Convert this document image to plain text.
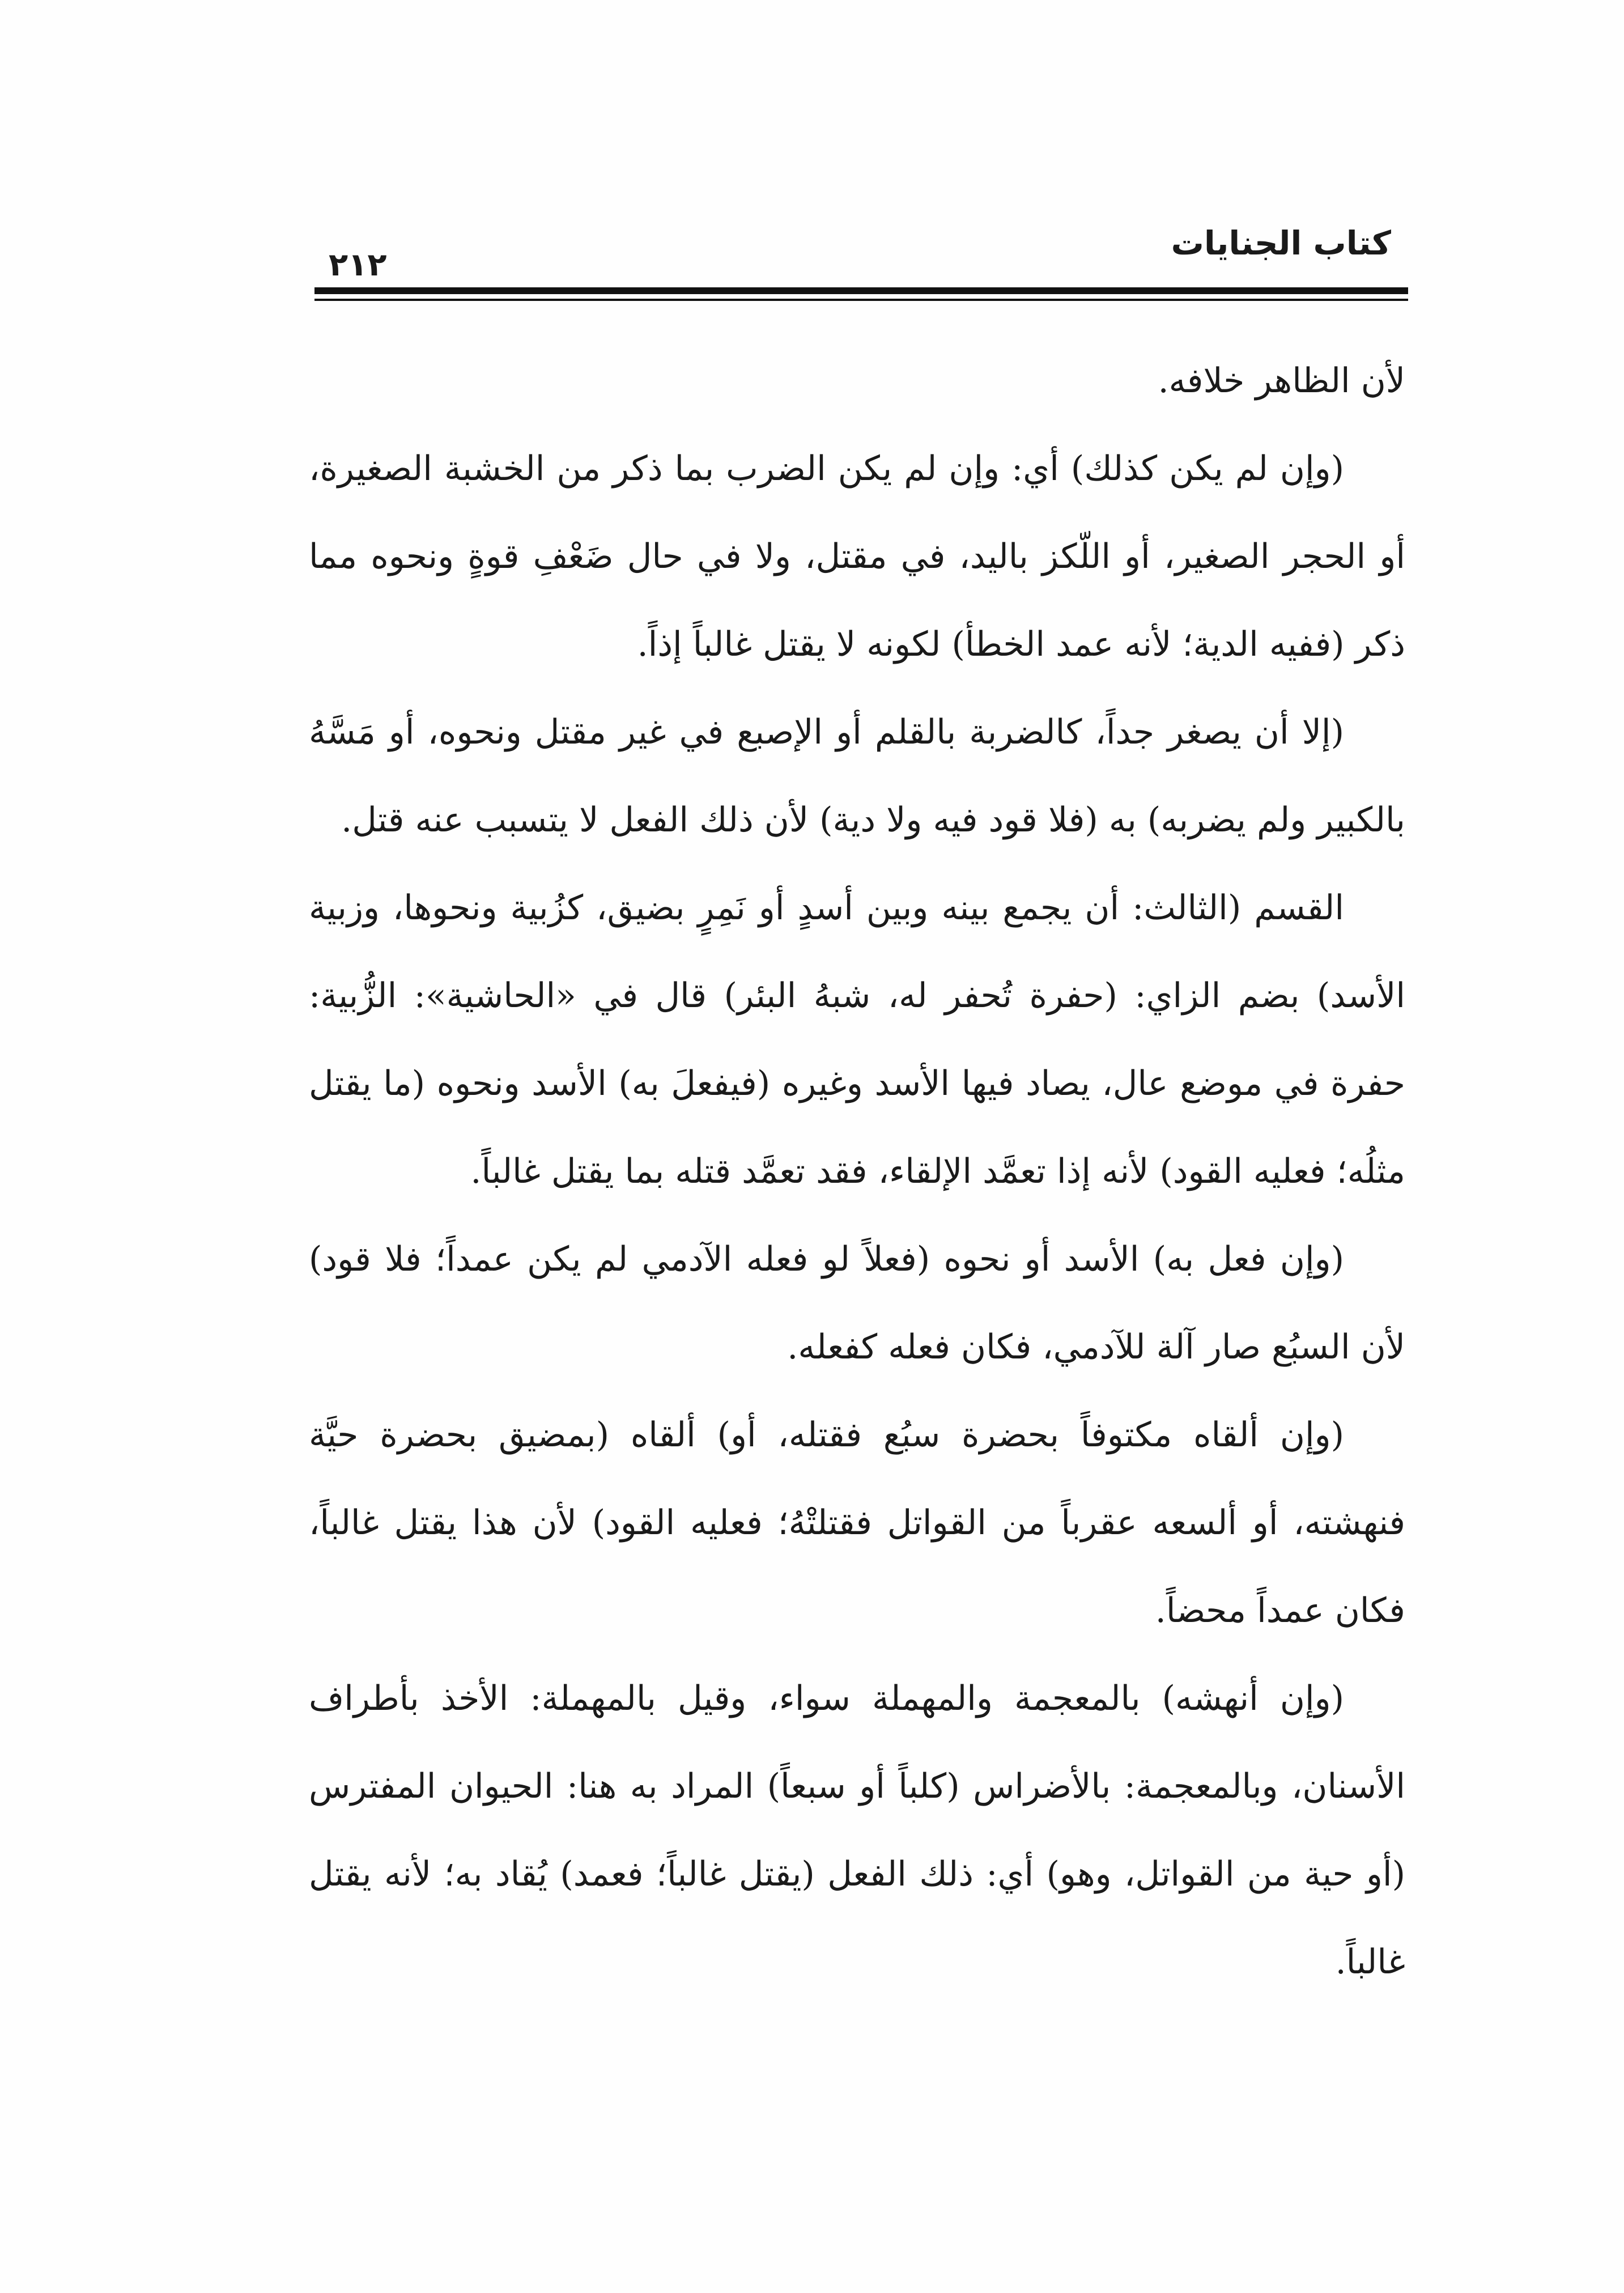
كتاب الجنايات
٢١٢

لأن الظاهر خلافه.

(وإن لم يكن كذلك) أي: وإن لم يكن الضرب بما ذكر من الخشبة الصغيرة، أو الحجر الصغير، أو اللّكز باليد، في مقتل، ولا في حال ضَعْفِ قوةٍ ونحوه مما ذكر (ففيه الدية؛ لأنه عمد الخطأ) لكونه لا يقتل غالباً إذاً.

(إلا أن يصغر جداً، كالضربة بالقلم أو الإصبع في غير مقتل ونحوه، أو مَسَّهُ بالكبير ولم يضربه) به (فلا قود فيه ولا دية) لأن ذلك الفعل لا يتسبب عنه قتل.

القسم (الثالث: أن يجمع بينه وبين أسدٍ أو نَمِرٍ بضيق، كزُبية ونحوها، وزبية الأسد) بضم الزاي: (حفرة تُحفر له، شبهُ البئر) قال في «الحاشية»: الزُّبية: حفرة في موضع عال، يصاد فيها الأسد وغيره (فيفعلَ به) الأسد ونحوه (ما يقتل مثلُه؛ فعليه القود) لأنه إذا تعمَّد الإلقاء، فقد تعمَّد قتله بما يقتل غالباً.

(وإن فعل به) الأسد أو نحوه (فعلاً لو فعله الآدمي لم يكن عمداً؛ فلا قود) لأن السبُع صار آلة للآدمي، فكان فعله كفعله.

(وإن ألقاه مكتوفاً بحضرة سبُع فقتله، أو) ألقاه (بمضيق بحضرة حيَّة فنهشته، أو ألسعه عقرباً من القواتل فقتلتْهُ؛ فعليه القود) لأن هذا يقتل غالباً، فكان عمداً محضاً.

(وإن أنهشه) بالمعجمة والمهملة سواء، وقيل بالمهملة: الأخذ بأطراف الأسنان، وبالمعجمة: بالأضراس (كلباً أو سبعاً) المراد به هنا: الحيوان المفترس (أو حية من القواتل، وهو) أي: ذلك الفعل (يقتل غالباً؛ فعمد) يُقاد به؛ لأنه يقتل غالباً.
